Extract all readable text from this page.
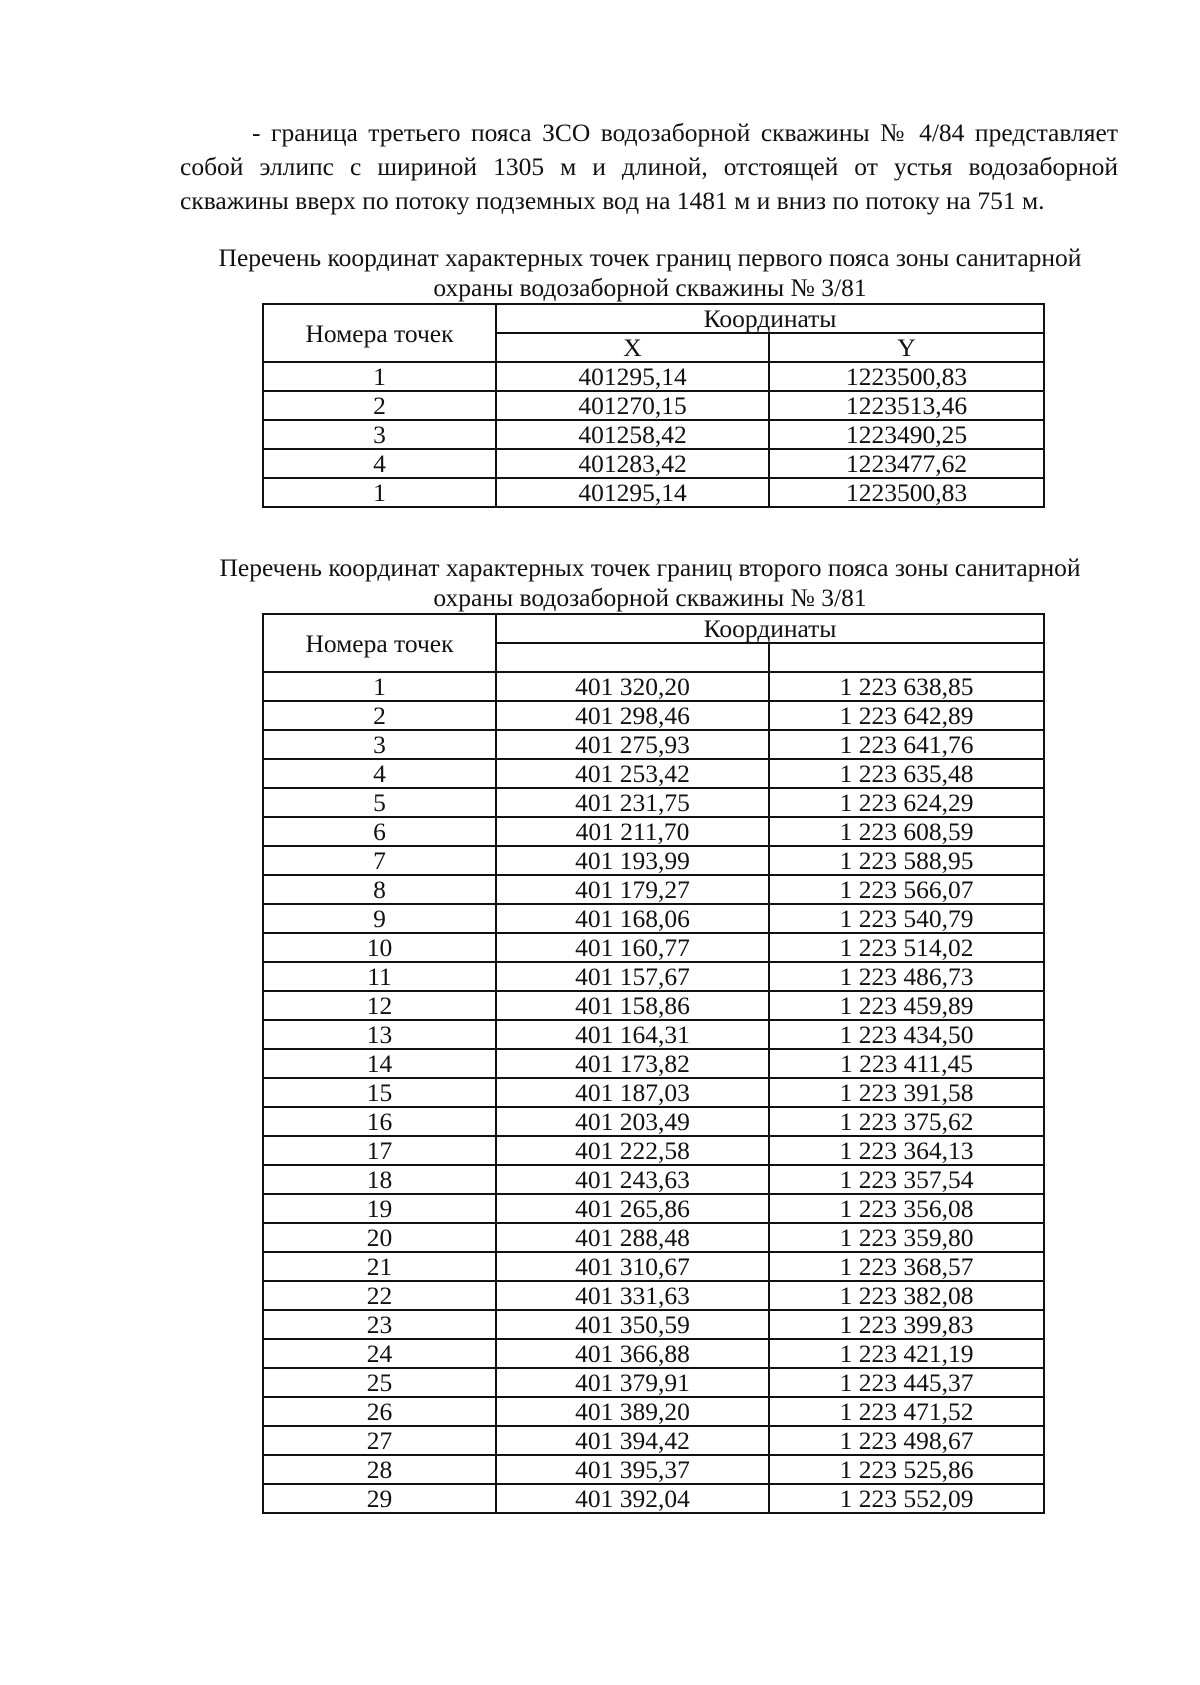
- граница третьего пояса ЗСО водозаборной скважины № 4/84 представляет собой эллипс с шириной 1305 м и длиной, отстоящей от устья водозаборной скважины вверх по потоку подземных вод на 1481 м и вниз по потоку на 751 м.
Перечень координат характерных точек границ первого пояса зоны санитарной охраны водозаборной скважины № 3/81
Номера точек	Координаты	
	X	Y
1	401295,14	1223500,83
2	401270,15	1223513,46
3	401258,42	1223490,25
4	401283,42	1223477,62
1	401295,14	1223500,83
Перечень координат характерных точек границ второго пояса зоны санитарной охраны водозаборной скважины № 3/81
Номера точек	Координаты	

1	401 320,20	1 223 638,85
2	401 298,46	1 223 642,89
3	401 275,93	1 223 641,76
4	401 253,42	1 223 635,48
5	401 231,75	1 223 624,29
6	401 211,70	1 223 608,59
7	401 193,99	1 223 588,95
8	401 179,27	1 223 566,07
9	401 168,06	1 223 540,79
10	401 160,77	1 223 514,02
11	401 157,67	1 223 486,73
12	401 158,86	1 223 459,89
13	401 164,31	1 223 434,50
14	401 173,82	1 223 411,45
15	401 187,03	1 223 391,58
16	401 203,49	1 223 375,62
17	401 222,58	1 223 364,13
18	401 243,63	1 223 357,54
19	401 265,86	1 223 356,08
20	401 288,48	1 223 359,80
21	401 310,67	1 223 368,57
22	401 331,63	1 223 382,08
23	401 350,59	1 223 399,83
24	401 366,88	1 223 421,19
25	401 379,91	1 223 445,37
26	401 389,20	1 223 471,52
27	401 394,42	1 223 498,67
28	401 395,37	1 223 525,86
29	401 392,04	1 223 552,09
